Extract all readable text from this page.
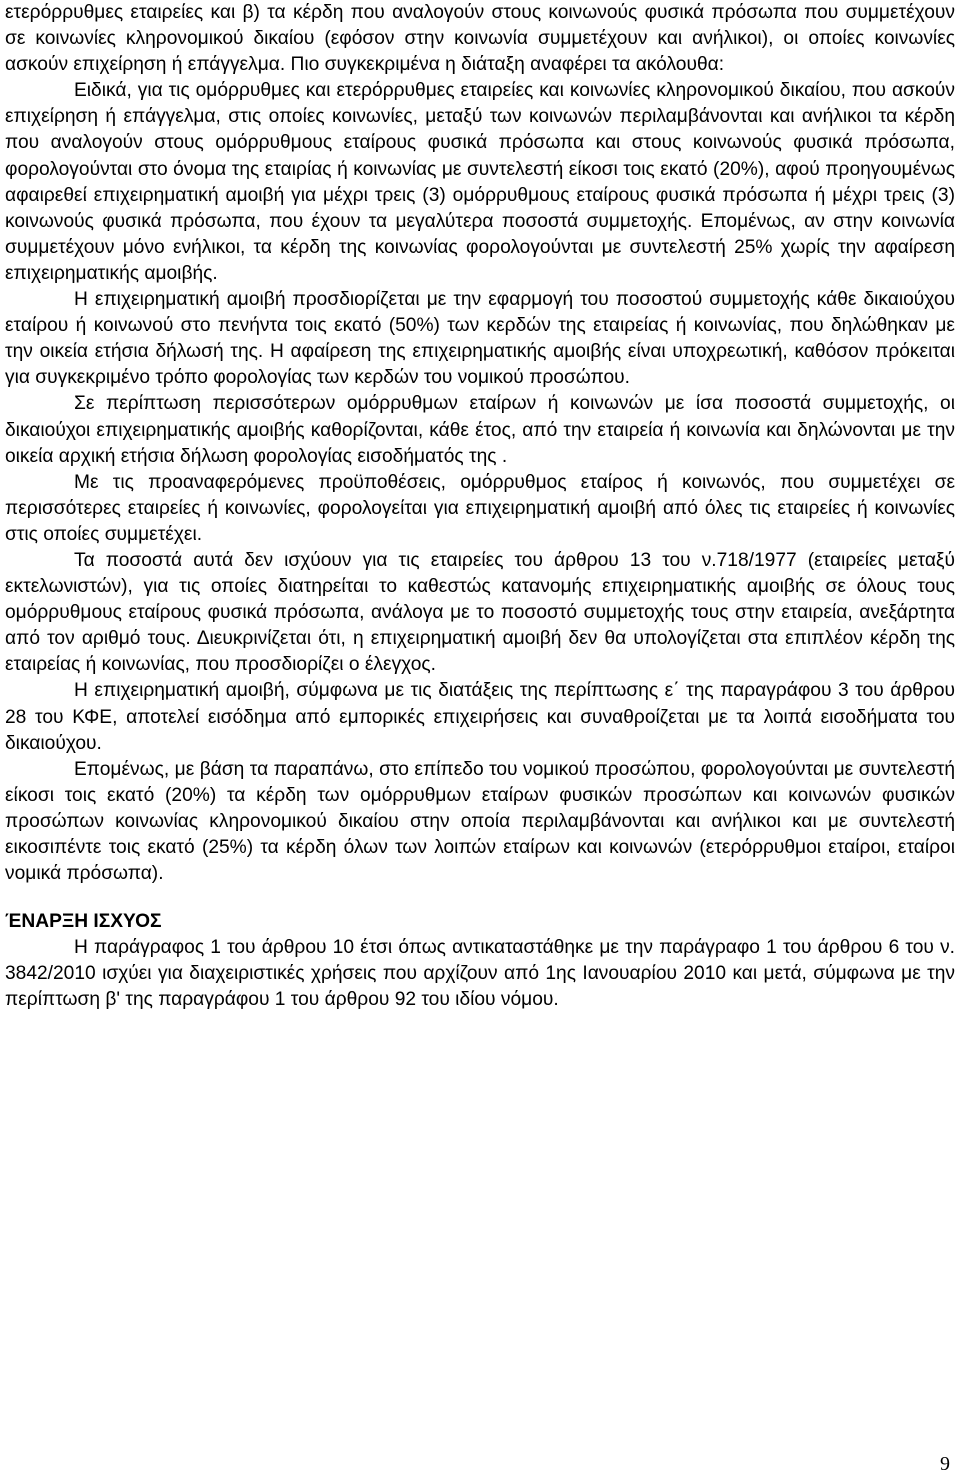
ετερόρρυθμες εταιρείες και β) τα κέρδη που αναλογούν στους κοινωνούς φυσικά πρόσωπα που συμμετέχουν σε κοινωνίες κληρονομικού δικαίου (εφόσον στην κοινωνία συμμετέχουν και ανήλικοι), οι οποίες κοινωνίες ασκούν επιχείρηση ή επάγγελμα. Πιο συγκεκριμένα η διάταξη αναφέρει τα ακόλουθα:

Ειδικά, για τις ομόρρυθμες και ετερόρρυθμες εταιρείες και κοινωνίες κληρονομικού δικαίου, που ασκούν επιχείρηση ή επάγγελμα, στις οποίες κοινωνίες, μεταξύ των κοινωνών περιλαμβάνονται και ανήλικοι τα κέρδη που αναλογούν στους ομόρρυθμους εταίρους φυσικά πρόσωπα και στους κοινωνούς φυσικά πρόσωπα, φορολογούνται στο όνομα της εταιρίας ή κοινωνίας με συντελεστή είκοσι τοις εκατό (20%), αφού προηγουμένως αφαιρεθεί επιχειρηματική αμοιβή για μέχρι τρεις (3) ομόρρυθμους εταίρους φυσικά πρόσωπα ή μέχρι τρεις (3) κοινωνούς φυσικά πρόσωπα, που έχουν τα μεγαλύτερα ποσοστά συμμετοχής. Επομένως, αν στην κοινωνία συμμετέχουν μόνο ενήλικοι, τα κέρδη της κοινωνίας φορολογούνται με συντελεστή 25% χωρίς την αφαίρεση επιχειρηματικής αμοιβής.

Η επιχειρηματική αμοιβή προσδιορίζεται με την εφαρμογή του ποσοστού συμμετοχής κάθε δικαιούχου εταίρου ή κοινωνού στο πενήντα τοις εκατό (50%) των κερδών της εταιρείας ή κοινωνίας, που δηλώθηκαν με την οικεία ετήσια δήλωσή της. Η αφαίρεση της επιχειρηματικής αμοιβής είναι υποχρεωτική, καθόσον πρόκειται για συγκεκριμένο τρόπο φορολογίας των κερδών του νομικού προσώπου.

Σε περίπτωση περισσότερων ομόρρυθμων εταίρων ή κοινωνών με ίσα ποσοστά συμμετοχής, οι δικαιούχοι επιχειρηματικής αμοιβής καθορίζονται, κάθε έτος, από την εταιρεία ή κοινωνία και δηλώνονται με την οικεία αρχική ετήσια δήλωση φορολογίας εισοδήματός της .

Με τις προαναφερόμενες προϋποθέσεις, ομόρρυθμος εταίρος ή κοινωνός, που συμμετέχει σε περισσότερες εταιρείες ή κοινωνίες, φορολογείται για επιχειρηματική αμοιβή από όλες τις εταιρείες ή κοινωνίες στις οποίες συμμετέχει.

Τα ποσοστά αυτά δεν ισχύουν για τις εταιρείες του άρθρου 13 του ν.718/1977 (εταιρείες μεταξύ εκτελωνιστών), για τις οποίες διατηρείται το καθεστώς κατανομής επιχειρηματικής αμοιβής σε όλους τους ομόρρυθμους εταίρους φυσικά πρόσωπα, ανάλογα με το ποσοστό συμμετοχής τους στην εταιρεία, ανεξάρτητα από τον αριθμό τους. Διευκρινίζεται ότι, η επιχειρηματική αμοιβή δεν θα υπολογίζεται στα επιπλέον κέρδη της εταιρείας ή κοινωνίας, που προσδιορίζει ο έλεγχος.

Η επιχειρηματική αμοιβή, σύμφωνα με τις διατάξεις της περίπτωσης ε΄ της παραγράφου 3 του άρθρου 28 του ΚΦΕ, αποτελεί εισόδημα από εμπορικές επιχειρήσεις και συναθροίζεται με τα λοιπά εισοδήματα του δικαιούχου.

Επομένως, με βάση τα παραπάνω, στο επίπεδο του νομικού προσώπου, φορολογούνται με συντελεστή είκοσι τοις εκατό (20%) τα κέρδη των ομόρρυθμων εταίρων φυσικών προσώπων και κοινωνών φυσικών προσώπων κοινωνίας κληρονομικού δικαίου στην οποία περιλαμβάνονται και ανήλικοι και με συντελεστή εικοσιπέντε τοις εκατό (25%) τα κέρδη όλων των λοιπών εταίρων και κοινωνών (ετερόρρυθμοι εταίροι, εταίροι νομικά πρόσωπα).

ΈΝΑΡΞΗ ΙΣΧΥΟΣ

Η παράγραφος 1 του άρθρου 10 έτσι όπως αντικαταστάθηκε με την παράγραφο 1 του άρθρου 6 του ν. 3842/2010 ισχύει για διαχειριστικές χρήσεις που αρχίζουν από 1ης Ιανουαρίου 2010 και μετά, σύμφωνα με την περίπτωση β' της παραγράφου 1 του άρθρου 92 του ιδίου νόμου.

9
